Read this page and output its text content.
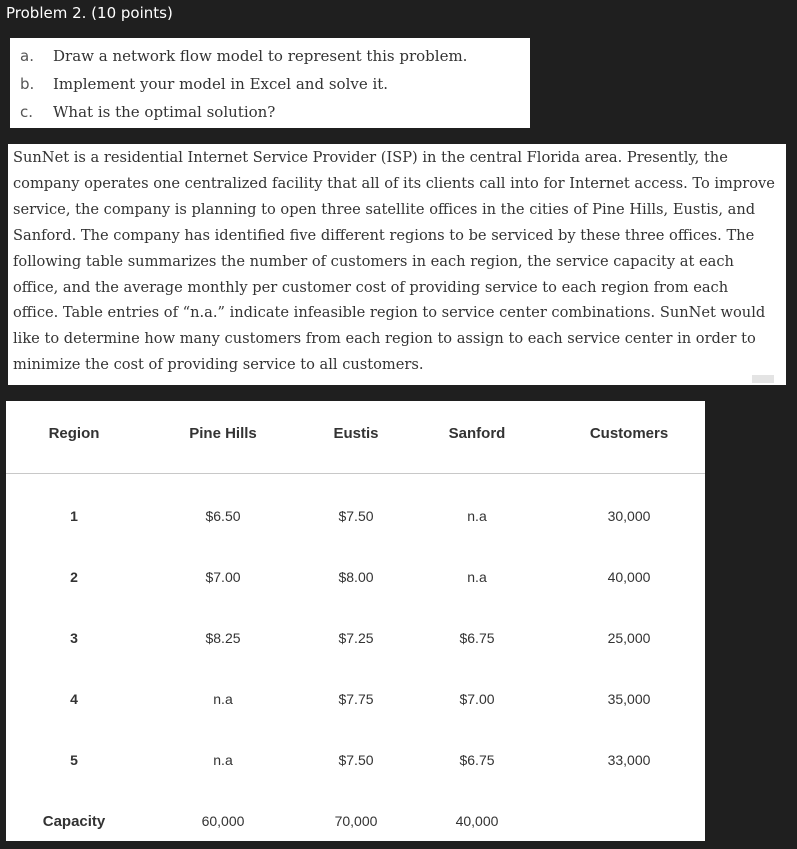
Problem 2. (10 points)
a.	Draw a network flow model to represent this problem.
b.	Implement your model in Excel and solve it.
c.	What is the optimal solution?
SunNet is a residential Internet Service Provider (ISP) in the central Florida area. Presently, the company operates one centralized facility that all of its clients call into for Internet access. To improve service, the company is planning to open three satellite offices in the cities of Pine Hills, Eustis, and Sanford. The company has identified five different regions to be serviced by these three offices. The following table summarizes the number of customers in each region, the service capacity at each office, and the average monthly per customer cost of providing service to each region from each office. Table entries of “n.a.” indicate infeasible region to service center combinations. SunNet would like to determine how many customers from each region to assign to each service center in order to minimize the cost of providing service to all customers.
Region	Pine Hills	Eustis	Sanford	Customers
1	$6.50	$7.50	n.a	30,000
2	$7.00	$8.00	n.a	40,000
3	$8.25	$7.25	$6.75	25,000
4	n.a	$7.75	$7.00	35,000
5	n.a	$7.50	$6.75	33,000
Capacity	60,000	70,000	40,000
